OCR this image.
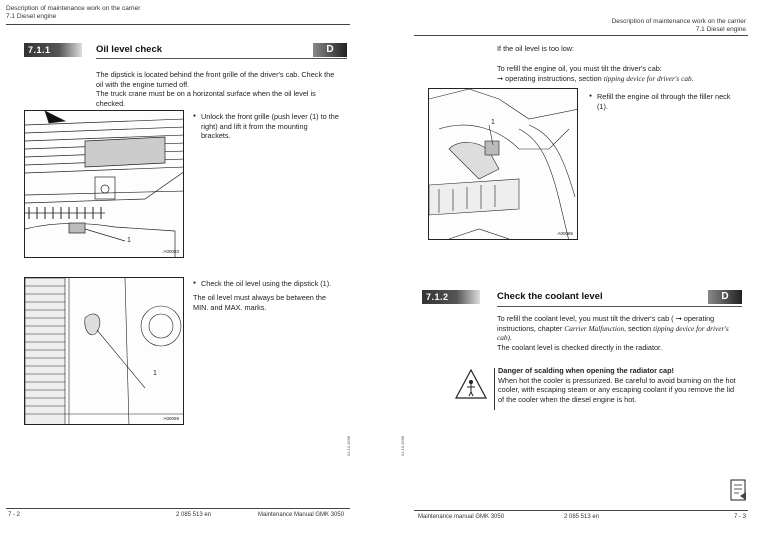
Description of maintenance work on the carrier
7.1 Diesel engine
7.1.1	Oil level check	D
The dipstick is located behind the front grille of the driver's cab. Check the
oil with the engine turned off.
The truck crane must be on a horizontal surface when the oil level is
checked.
A00083
1
● Unlock the front grille (push lever (1) to the
right) and lift it from the mounting
brackets.
A00059
1
● Check the oil level using the dipstick (1).
The oil level must always be between the
MIN. and MAX. marks.
01.10.1998
7 - 2	2 085 513 en	Maintenance Manual GMK 3050
Description of maintenance work on the carrier
7.1 Diesel engine
If the oil level is too low:
To refill the engine oil, you must tilt the driver's cab:
➞ operating instructions, section tipping device for driver's cab.
A00086
1
● Refill the engine oil through the filler neck
(1).
7.1.2	Check the coolant level	D
To refill the coolant level, you must tilt the driver's cab ( ➞ operating
instructions, chapter Carrier Malfunction, section tipping device for driver's
cab).
The coolant level is checked directly in the radiator.
Danger of scalding when opening the radiator cap!
When hot the cooler is pressurized. Be careful to avoid burning on the hot
cooler, with escaping steam or any escaping coolant if you remove the lid
of the cooler when the diesel engine is hot.
01.10.1998
Maintenance manual GMK 3050	2 085 513 en	7 - 3
